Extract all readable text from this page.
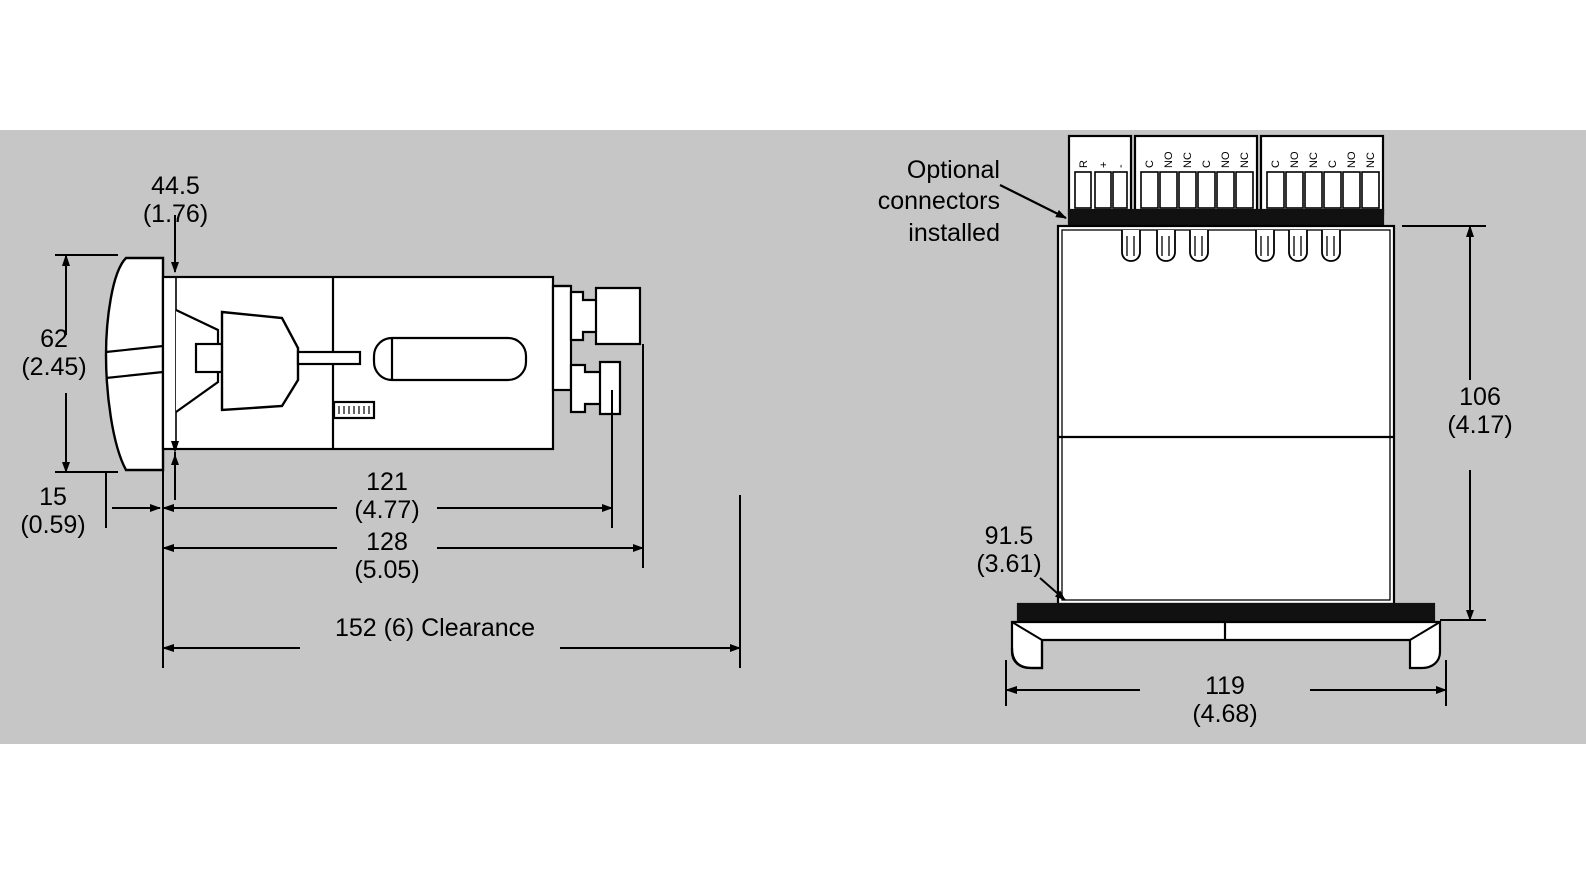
R + - C NO NC C NO NC C NO NC C NO NC
44.5
(1.76)
62
(2.45)
15
(0.59)
121
(4.77)
128
(5.05)
152 (6) Clearance
Optional
connectors
installed
106
(4.17)
91.5
(3.61)
119
(4.68)
